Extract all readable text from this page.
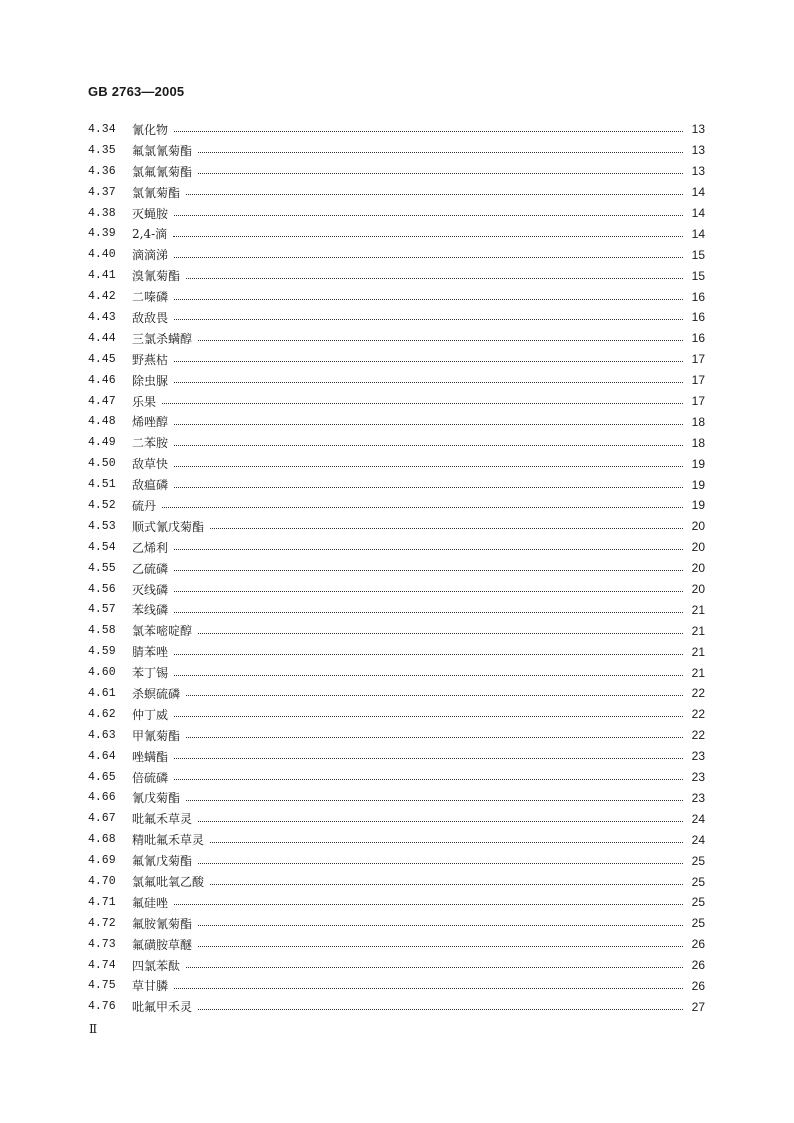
GB 2763—2005
4.34	氰化物	13
4.35	氟氯氰菊酯	13
4.36	氯氟氰菊酯	13
4.37	氯氰菊酯	14
4.38	灭蝇胺	14
4.39	2,4-滴	14
4.40	滴滴涕	15
4.41	溴氰菊酯	15
4.42	二嗪磷	16
4.43	敌敌畏	16
4.44	三氯杀螨醇	16
4.45	野燕枯	17
4.46	除虫脲	17
4.47	乐果	17
4.48	烯唑醇	18
4.49	二苯胺	18
4.50	敌草快	19
4.51	敌瘟磷	19
4.52	硫丹	19
4.53	顺式氰戊菊酯	20
4.54	乙烯利	20
4.55	乙硫磷	20
4.56	灭线磷	20
4.57	苯线磷	21
4.58	氯苯嘧啶醇	21
4.59	腈苯唑	21
4.60	苯丁锡	21
4.61	杀螟硫磷	22
4.62	仲丁威	22
4.63	甲氰菊酯	22
4.64	唑螨酯	23
4.65	倍硫磷	23
4.66	氰戊菊酯	23
4.67	吡氟禾草灵	24
4.68	精吡氟禾草灵	24
4.69	氟氰戊菊酯	25
4.70	氯氟吡氧乙酸	25
4.71	氟硅唑	25
4.72	氟胺氰菊酯	25
4.73	氟磺胺草醚	26
4.74	四氯苯酞	26
4.75	草甘膦	26
4.76	吡氟甲禾灵	27
Ⅱ
